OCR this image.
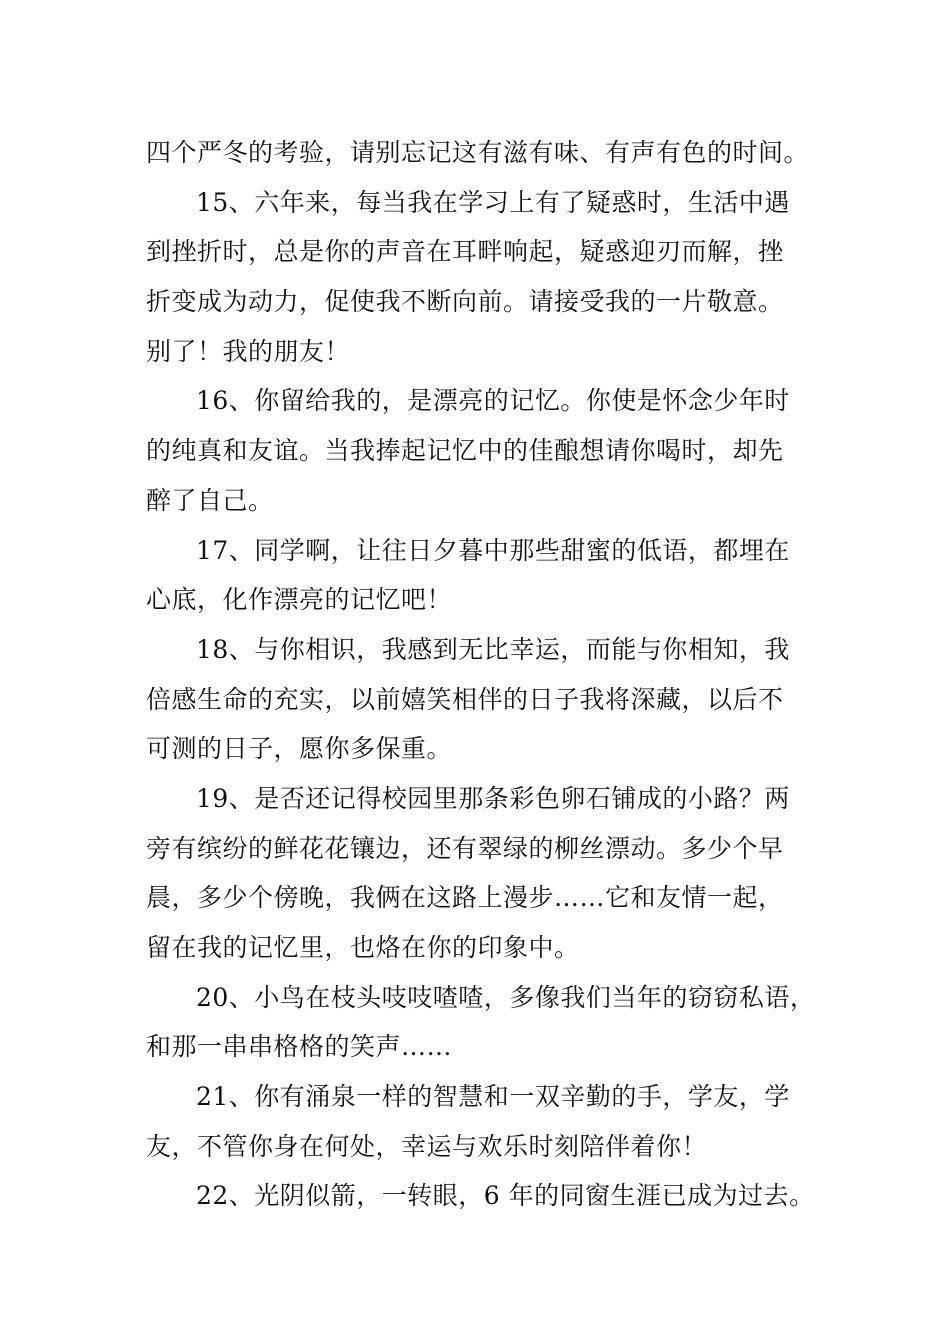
四个严冬的考验，请别忘记这有滋有味、有声有色的时间。
15、六年来，每当我在学习上有了疑惑时，生活中遇
到挫折时，总是你的声音在耳畔响起，疑惑迎刃而解，挫
折变成为动力，促使我不断向前。请接受我的一片敬意。
别了！我的朋友！
16、你留给我的，是漂亮的记忆。你使是怀念少年时
的纯真和友谊。当我捧起记忆中的佳酿想请你喝时，却先
醉了自己。
17、同学啊，让往日夕暮中那些甜蜜的低语，都埋在
心底，化作漂亮的记忆吧！
18、与你相识，我感到无比幸运，而能与你相知，我
倍感生命的充实，以前嬉笑相伴的日子我将深藏，以后不
可测的日子，愿你多保重。
19、是否还记得校园里那条彩色卵石铺成的小路？两
旁有缤纷的鲜花花镶边，还有翠绿的柳丝漂动。多少个早
晨，多少个傍晚，我俩在这路上漫步……它和友情一起，
留在我的记忆里，也烙在你的印象中。
20、小鸟在枝头吱吱喳喳，多像我们当年的窃窃私语，
和那一串串格格的笑声……
21、你有涌泉一样的智慧和一双辛勤的手，学友，学
友，不管你身在何处，幸运与欢乐时刻陪伴着你！
22、光阴似箭，一转眼，6 年的同窗生涯已成为过去。
